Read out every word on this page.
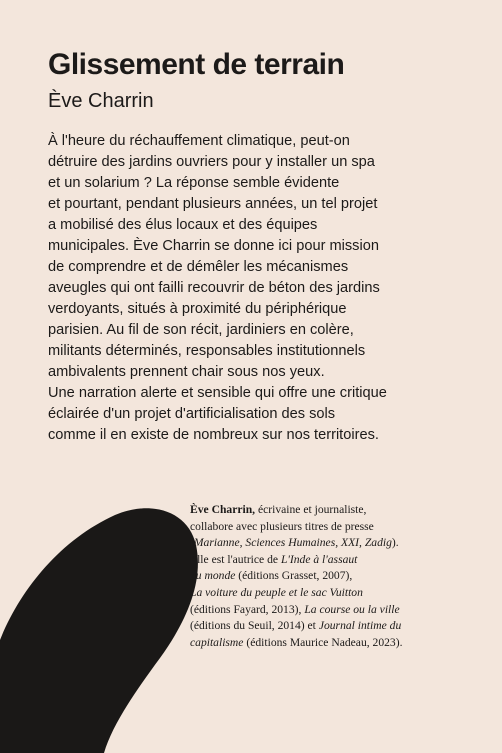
Glissement de terrain
Ève Charrin

À l'heure du réchauffement climatique, peut-on
détruire des jardins ouvriers pour y installer un spa
et un solarium ? La réponse semble évidente
et pourtant, pendant plusieurs années, un tel projet
a mobilisé des élus locaux et des équipes
municipales. Ève Charrin se donne ici pour mission
de comprendre et de démêler les mécanismes
aveugles qui ont failli recouvrir de béton des jardins
verdoyants, situés à proximité du périphérique
parisien. Au fil de son récit, jardiniers en colère,
militants déterminés, responsables institutionnels
ambivalents prennent chair sous nos yeux.
Une narration alerte et sensible qui offre une critique
éclairée d'un projet d'artificialisation des sols
comme il en existe de nombreux sur nos territoires.

Ève Charrin, écrivaine et journaliste,
collabore avec plusieurs titres de presse
(Marianne, Sciences Humaines, XXI, Zadig).
Elle est l'autrice de L'Inde à l'assaut
du monde (éditions Grasset, 2007),
La voiture du peuple et le sac Vuitton
(éditions Fayard, 2013), La course ou la ville
(éditions du Seuil, 2014) et Journal intime du
capitalisme (éditions Maurice Nadeau, 2023).
